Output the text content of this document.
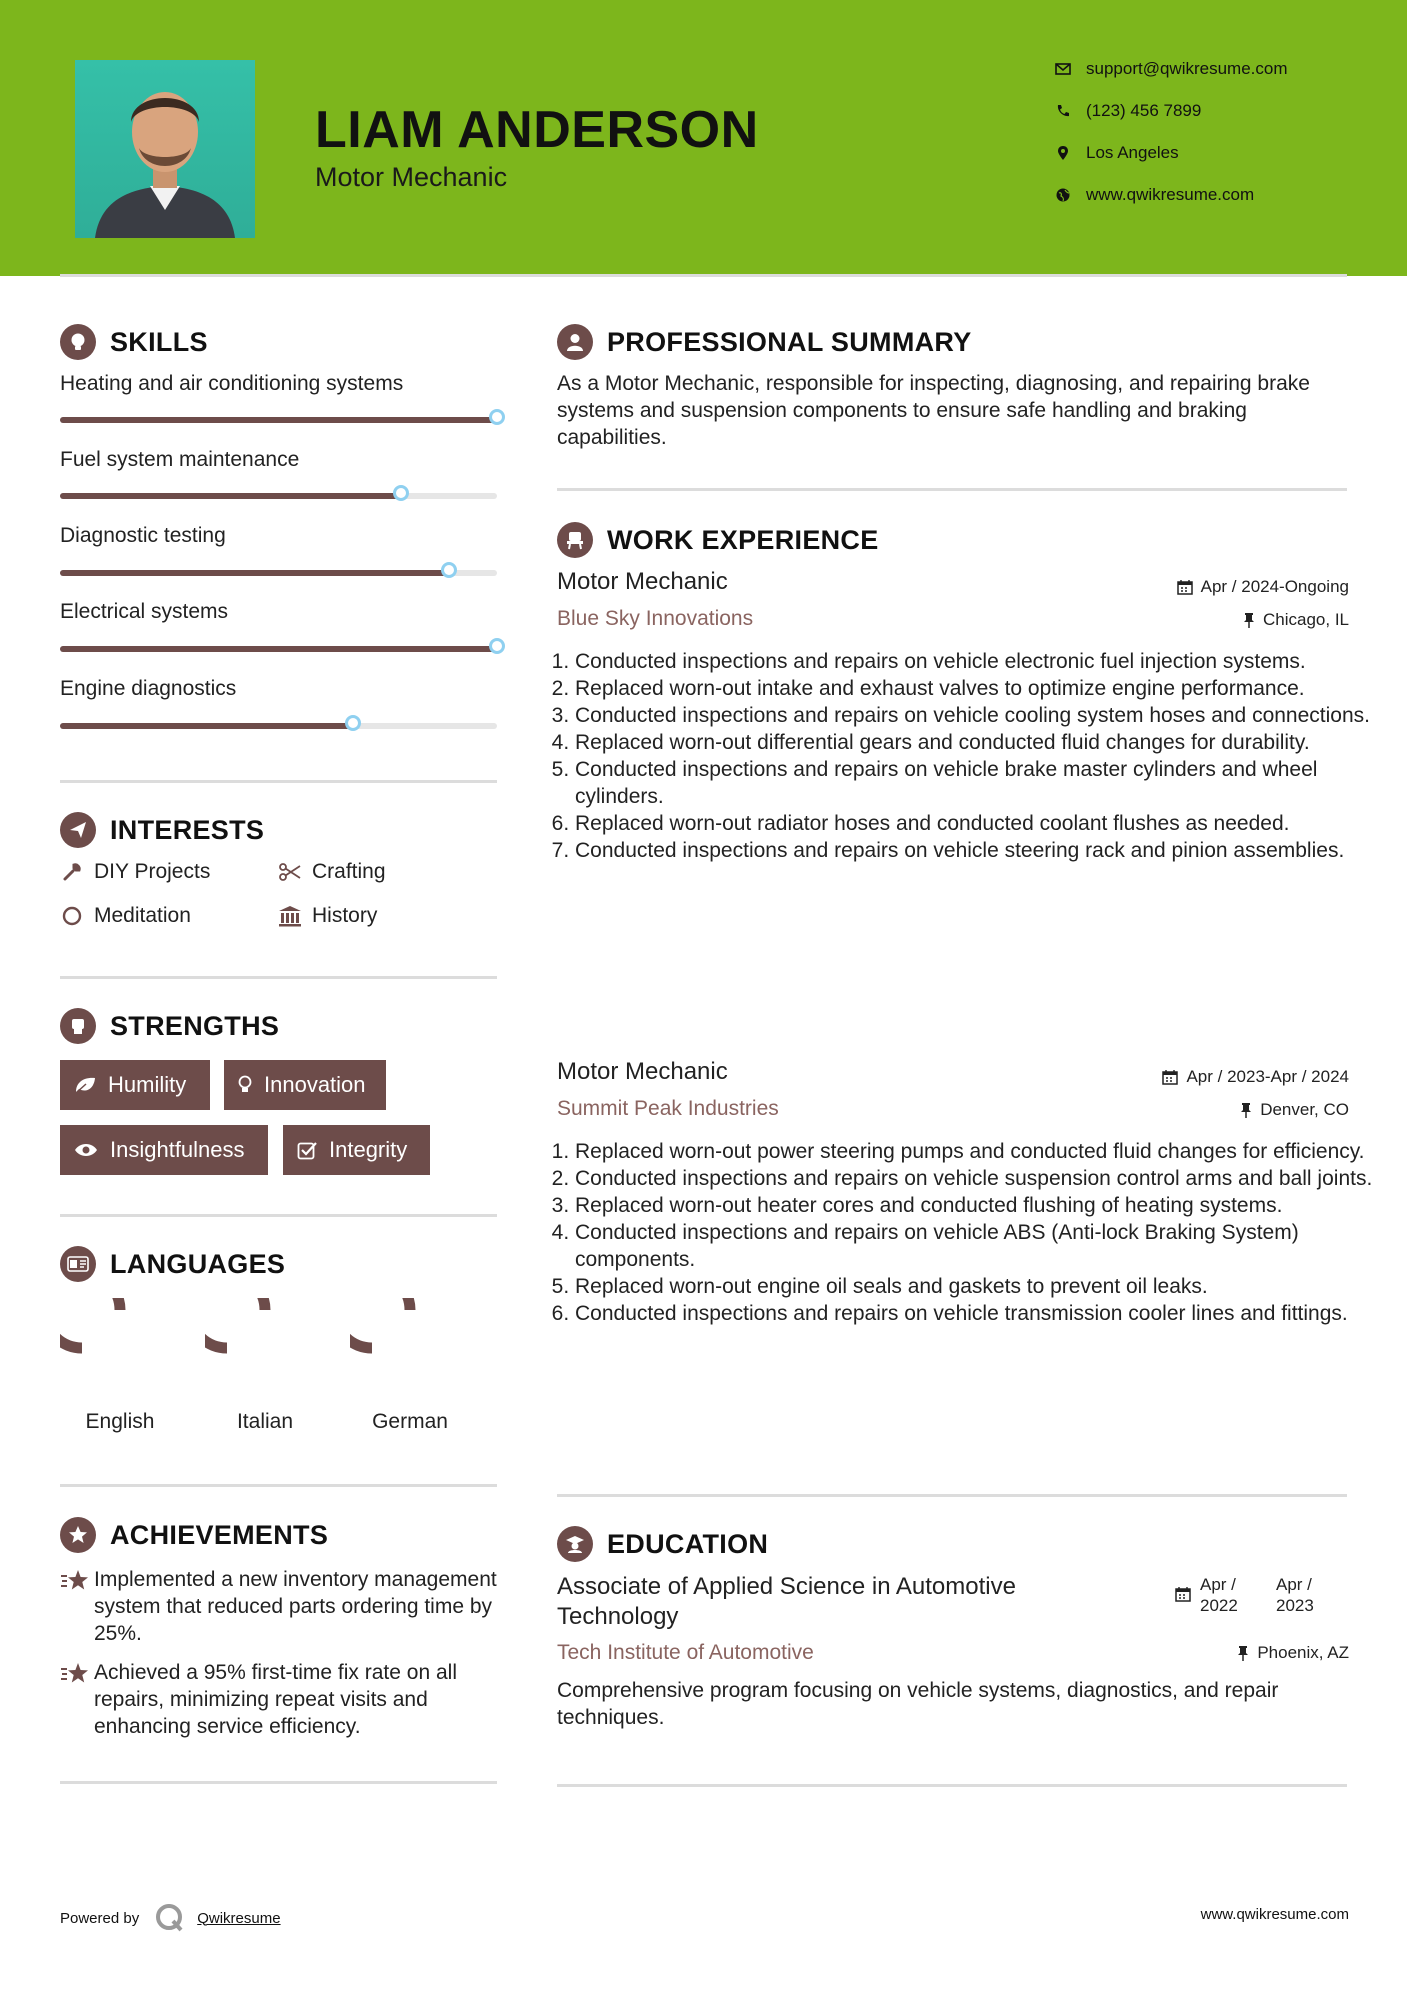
LIAM ANDERSON
Motor Mechanic
support@qwikresume.com
(123) 456 7899
Los Angeles
www.qwikresume.com
SKILLS
Heating and air conditioning systems
Fuel system maintenance
Diagnostic testing
Electrical systems
Engine diagnostics
INTERESTS
DIY Projects	Crafting
Meditation	History
STRENGTHS
Humility	Innovation
Insightfulness	Integrity
LANGUAGES
English	Italian	German
ACHIEVEMENTS
Implemented a new inventory management system that reduced parts ordering time by 25%.
Achieved a 95% first-time fix rate on all repairs, minimizing repeat visits and enhancing service efficiency.
PROFESSIONAL SUMMARY
As a Motor Mechanic, responsible for inspecting, diagnosing, and repairing brake systems and suspension components to ensure safe handling and braking capabilities.
WORK EXPERIENCE
Motor Mechanic	Apr / 2024-Ongoing
Blue Sky Innovations	Chicago, IL
1. Conducted inspections and repairs on vehicle electronic fuel injection systems.
2. Replaced worn-out intake and exhaust valves to optimize engine performance.
3. Conducted inspections and repairs on vehicle cooling system hoses and connections.
4. Replaced worn-out differential gears and conducted fluid changes for durability.
5. Conducted inspections and repairs on vehicle brake master cylinders and wheel cylinders.
6. Replaced worn-out radiator hoses and conducted coolant flushes as needed.
7. Conducted inspections and repairs on vehicle steering rack and pinion assemblies.
Motor Mechanic	Apr / 2023-Apr / 2024
Summit Peak Industries	Denver, CO
1. Replaced worn-out power steering pumps and conducted fluid changes for efficiency.
2. Conducted inspections and repairs on vehicle suspension control arms and ball joints.
3. Replaced worn-out heater cores and conducted flushing of heating systems.
4. Conducted inspections and repairs on vehicle ABS (Anti-lock Braking System) components.
5. Replaced worn-out engine oil seals and gaskets to prevent oil leaks.
6. Conducted inspections and repairs on vehicle transmission cooler lines and fittings.
EDUCATION
Associate of Applied Science in Automotive Technology
Apr / 2022
Apr / 2023
Tech Institute of Automotive	Phoenix, AZ
Comprehensive program focusing on vehicle systems, diagnostics, and repair techniques.
Powered by	Qwikresume	www.qwikresume.com
